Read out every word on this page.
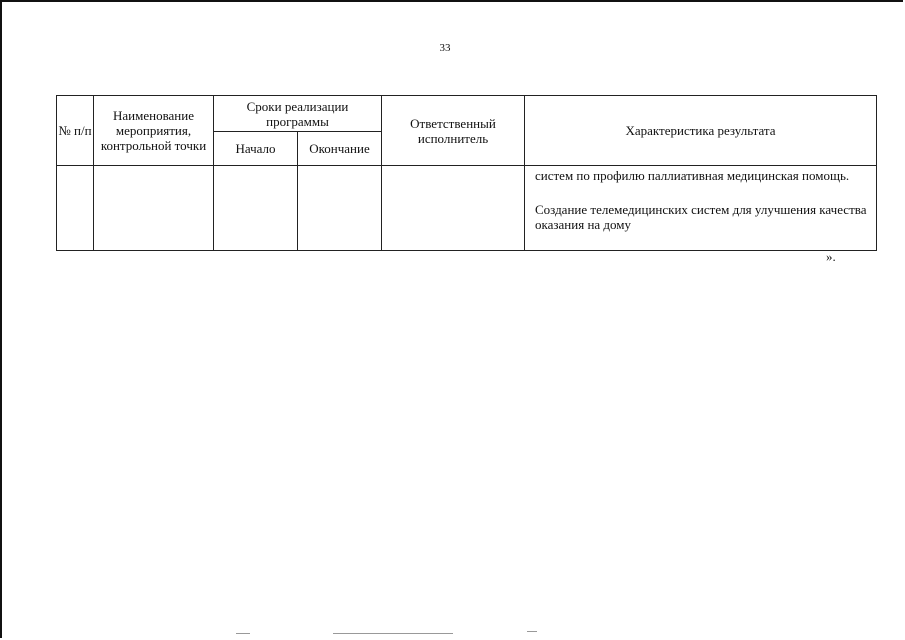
33
№ п/п	Наименование мероприятия, контрольной точки	Сроки реализации программы		Ответственный исполнитель	Характеристика результата
		Начало	Окончание		

					систем по профилю паллиативная медицинская помощь.

Создание телемедицинских систем для улучшения качества оказания на дому

».
